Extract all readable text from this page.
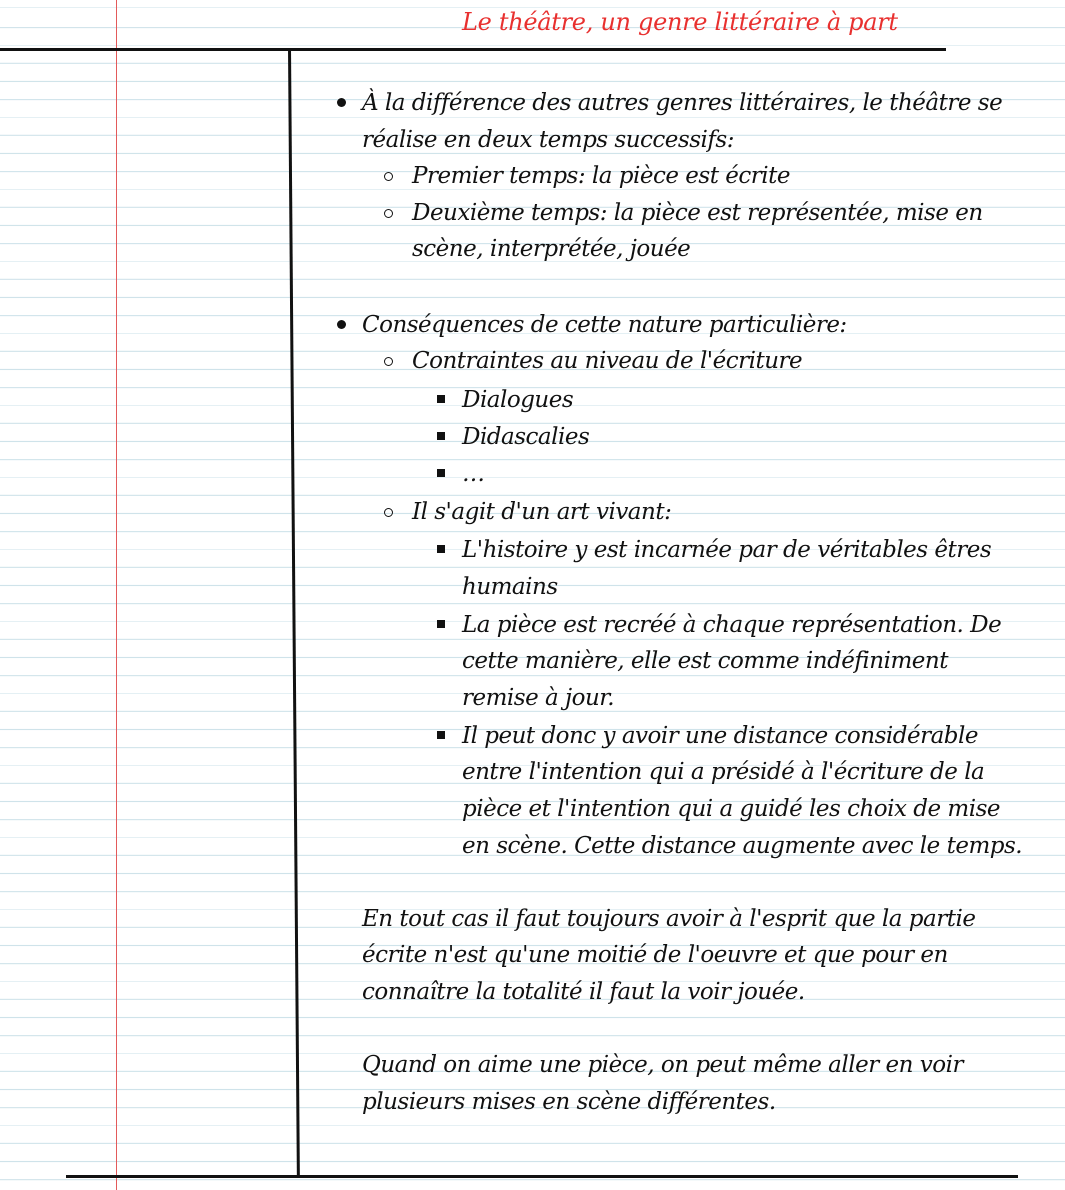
Le théâtre, un genre littéraire à part
À la différence des autres genres littéraires, le théâtre se
réalise en deux temps successifs:
Premier temps: la pièce est écrite
Deuxième temps: la pièce est représentée, mise en
scène, interprétée, jouée
Conséquences de cette nature particulière:
Contraintes au niveau de l'écriture
Dialogues
Didascalies
…
Il s'agit d'un art vivant:
L'histoire y est incarnée par de véritables êtres
humains
La pièce est recréé à chaque représentation. De
cette manière, elle est comme indéfiniment
remise à jour.
Il peut donc y avoir une distance considérable
entre l'intention qui a présidé à l'écriture de la
pièce et l'intention qui a guidé les choix de mise
en scène. Cette distance augmente avec le temps.
En tout cas il faut toujours avoir à l'esprit que la partie
écrite n'est qu'une moitié de l'oeuvre et que pour en
connaître la totalité il faut la voir jouée.
Quand on aime une pièce, on peut même aller en voir
plusieurs mises en scène différentes.
